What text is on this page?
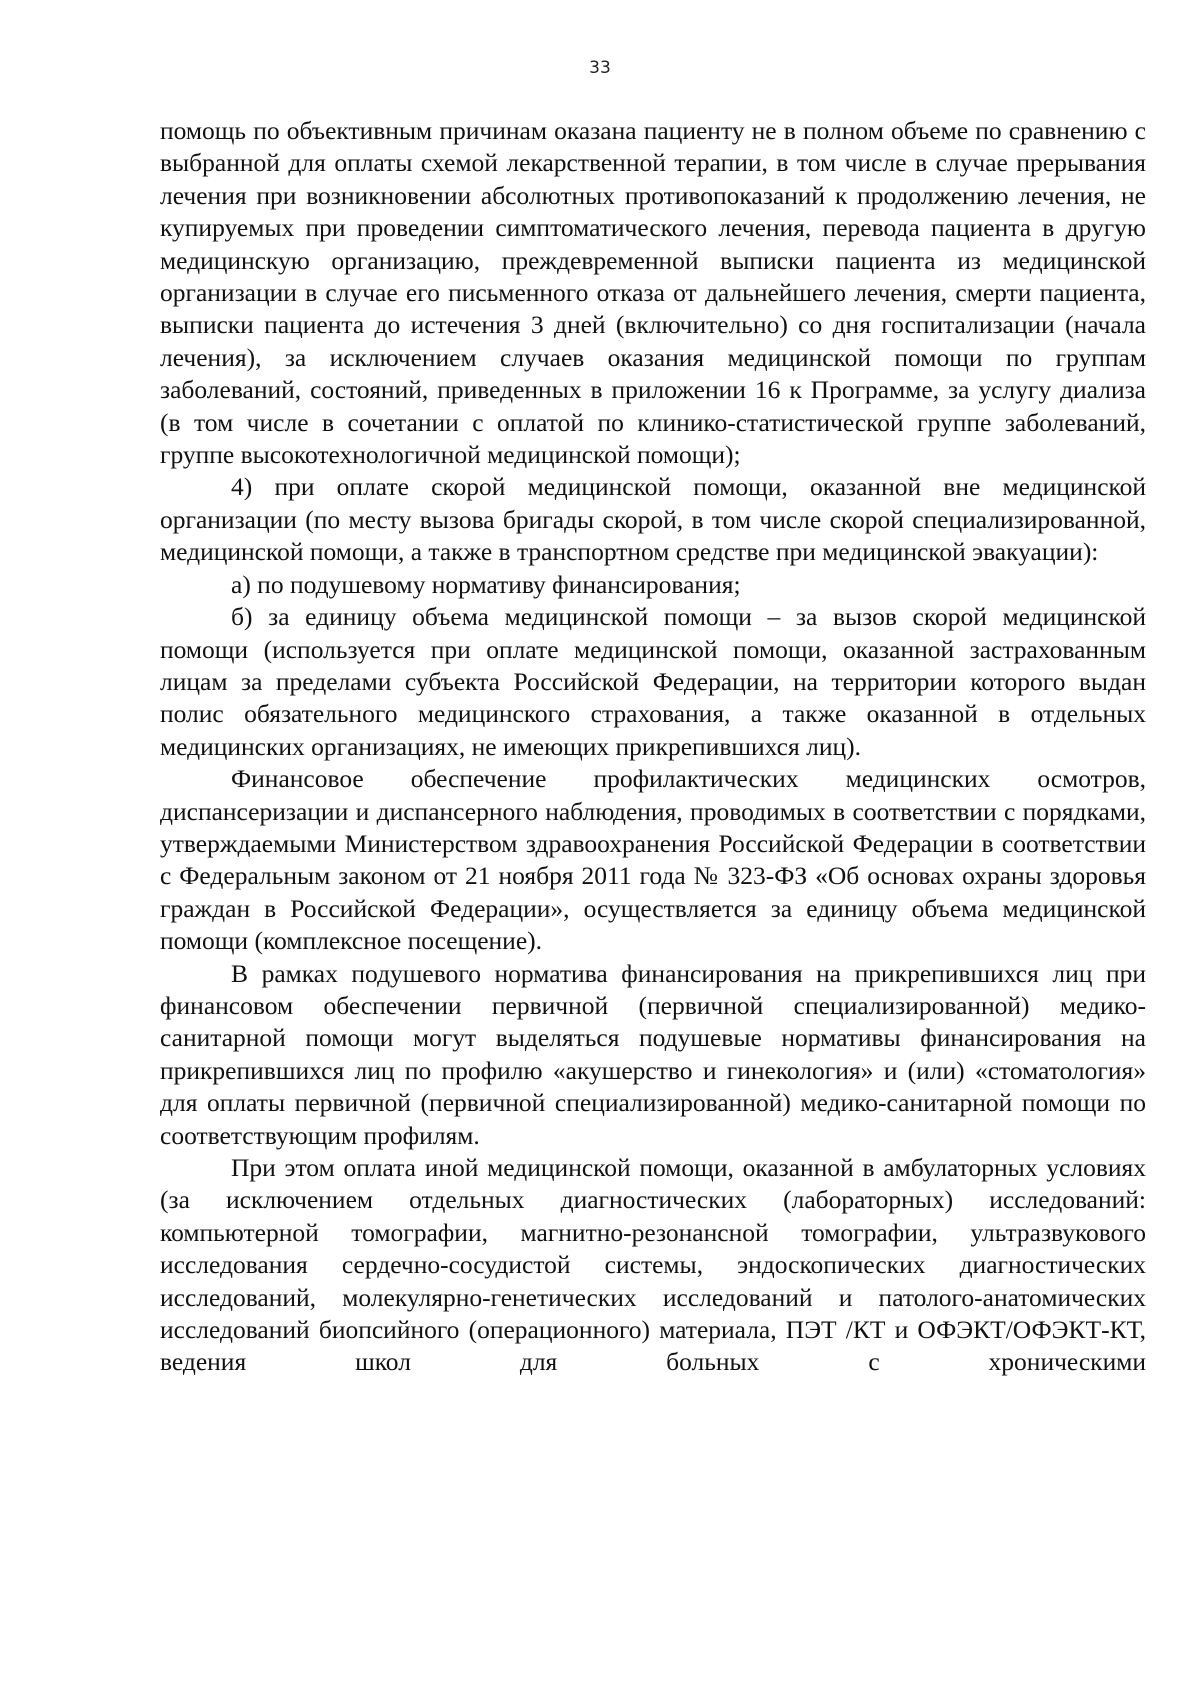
33

помощь по объективным причинам оказана пациенту не в полном объеме по сравнению с выбранной для оплаты схемой лекарственной терапии, в том числе в случае прерывания лечения при возникновении абсолютных противопоказаний к продолжению лечения, не купируемых при проведении симптоматического лечения, перевода пациента в другую медицинскую организацию, преждевременной выписки пациента из медицинской организации в случае его письменного отказа от дальнейшего лечения, смерти пациента, выписки пациента до истечения 3 дней (включительно) со дня госпитализации (начала лечения), за исключением случаев оказания медицинской помощи по группам заболеваний, состояний, приведенных в приложении 16 к Программе, за услугу диализа (в том числе в сочетании с оплатой по клинико-статистической группе заболеваний, группе высокотехнологичной медицинской помощи);

4) при оплате скорой медицинской помощи, оказанной вне медицинской организации (по месту вызова бригады скорой, в том числе скорой специализированной, медицинской помощи, а также в транспортном средстве при медицинской эвакуации):

а) по подушевому нормативу финансирования;

б) за единицу объема медицинской помощи – за вызов скорой медицинской помощи (используется при оплате медицинской помощи, оказанной застрахованным лицам за пределами субъекта Российской Федерации, на территории которого выдан полис обязательного медицинского страхования, а также оказанной в отдельных медицинских организациях, не имеющих прикрепившихся лиц).

Финансовое обеспечение профилактических медицинских осмотров, диспансеризации и диспансерного наблюдения, проводимых в соответствии с порядками, утверждаемыми Министерством здравоохранения Российской Федерации в соответствии с Федеральным законом от 21 ноября 2011 года № 323-ФЗ «Об основах охраны здоровья граждан в Российской Федерации», осуществляется за единицу объема медицинской помощи (комплексное посещение).

В рамках подушевого норматива финансирования на прикрепившихся лиц при финансовом обеспечении первичной (первичной специализированной) медико-санитарной помощи могут выделяться подушевые нормативы финансирования на прикрепившихся лиц по профилю «акушерство и гинекология» и (или) «стоматология» для оплаты первичной (первичной специализированной) медико-санитарной помощи по соответствующим профилям.

При этом оплата иной медицинской помощи, оказанной в амбулаторных условиях (за исключением отдельных диагностических (лабораторных) исследований: компьютерной томографии, магнитно-резонансной томографии, ультразвукового исследования сердечно-сосудистой системы, эндоскопических диагностических исследований, молекулярно-генетических исследований и патолого-анатомических исследований биопсийного (операционного) материала, ПЭТ /КТ и ОФЭКТ/ОФЭКТ-КТ, ведения школ для больных с хроническими
